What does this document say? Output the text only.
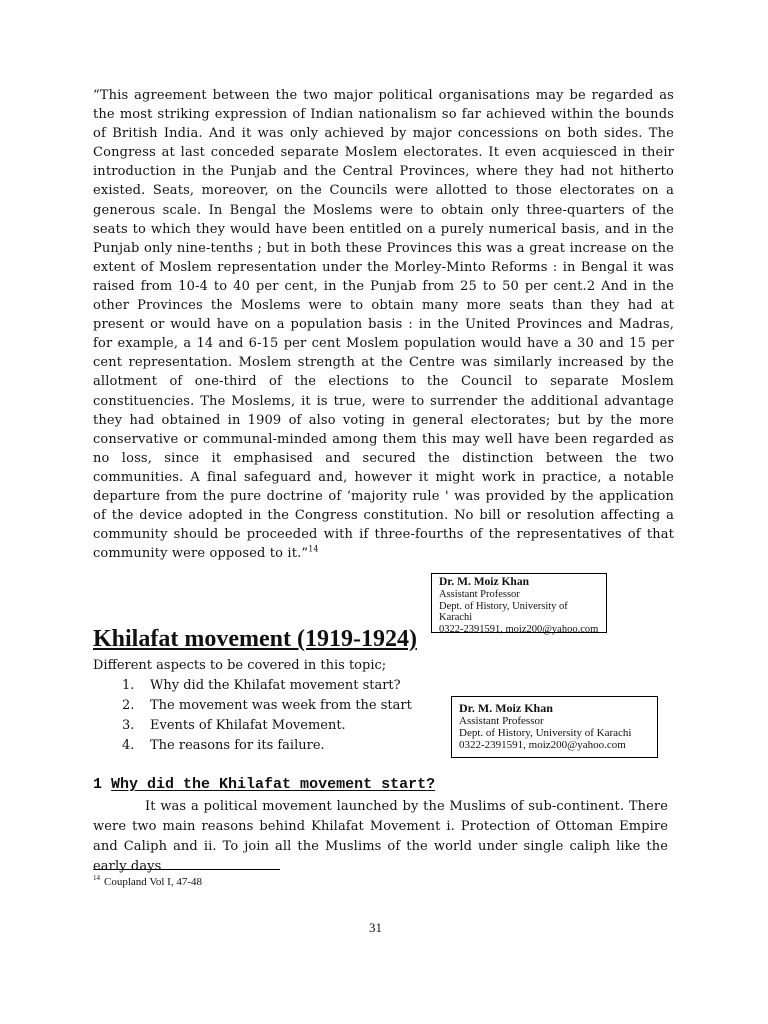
“This agreement between the two major political organisations may be regarded as the most striking expression of Indian nationalism so far achieved within the bounds of British India. And it was only achieved by major concessions on both sides. The Congress at last conceded separate Moslem electorates. It even acquiesced in their introduction in the Punjab and the Central Provinces, where they had not hitherto existed. Seats, moreover, on the Councils were allotted to those electorates on a generous scale. In Bengal the Moslems were to obtain only three-quarters of the seats to which they would have been entitled on a purely numerical basis, and in the Punjab only nine-tenths ; but in both these Provinces this was a great increase on the extent of Moslem representation under the Morley-Minto Reforms : in Bengal it was raised from 10-4 to 40 per cent, in the Punjab from 25 to 50 per cent.2 And in the other Provinces the Moslems were to obtain many more seats than they had at present or would have on a population basis : in the United Provinces and Madras, for example, a 14 and 6-15 per cent Moslem population would have a 30 and 15 per cent representation. Moslem strength at the Centre was similarly increased by the allotment of one-third of the elections to the Council to separate Moslem constituencies. The Moslems, it is true, were to surrender the additional advantage they had obtained in 1909 of also voting in general electorates; but by the more conservative or communal-minded among them this may well have been regarded as no loss, since it emphasised and secured the distinction between the two communities. A final safeguard and, however it might work in practice, a notable departure from the pure doctrine of ‘majority rule ' was provided by the application of the device adopted in the Congress constitution. No bill or resolution affecting a community should be proceeded with if three-fourths of the representatives of that community were opposed to it.”$^{14}$

Dr. M. Moiz Khan
Assistant Professor
Dept. of History, University of Karachi
0322-2391591, moiz200@yahoo.com
Khilafat movement (1919-1924)

Different aspects to be covered in this topic;

1.	Why did the Khilafat movement start?
2.	The movement was week from the start
3.	Events of Khilafat Movement.
4.	The reasons for its failure.
Dr. M. Moiz Khan
Assistant Professor
Dept. of History, University of Karachi
0322-2391591, moiz200@yahoo.com
1 Why did the Khilafat movement start?

It was a political movement launched by the Muslims of sub-continent. There were two main reasons behind Khilafat Movement i. Protection of Ottoman Empire and Caliph and ii. To join all the Muslims of the world under single caliph like the early days

$^{14}$ Coupland Vol I, 47-48

31
